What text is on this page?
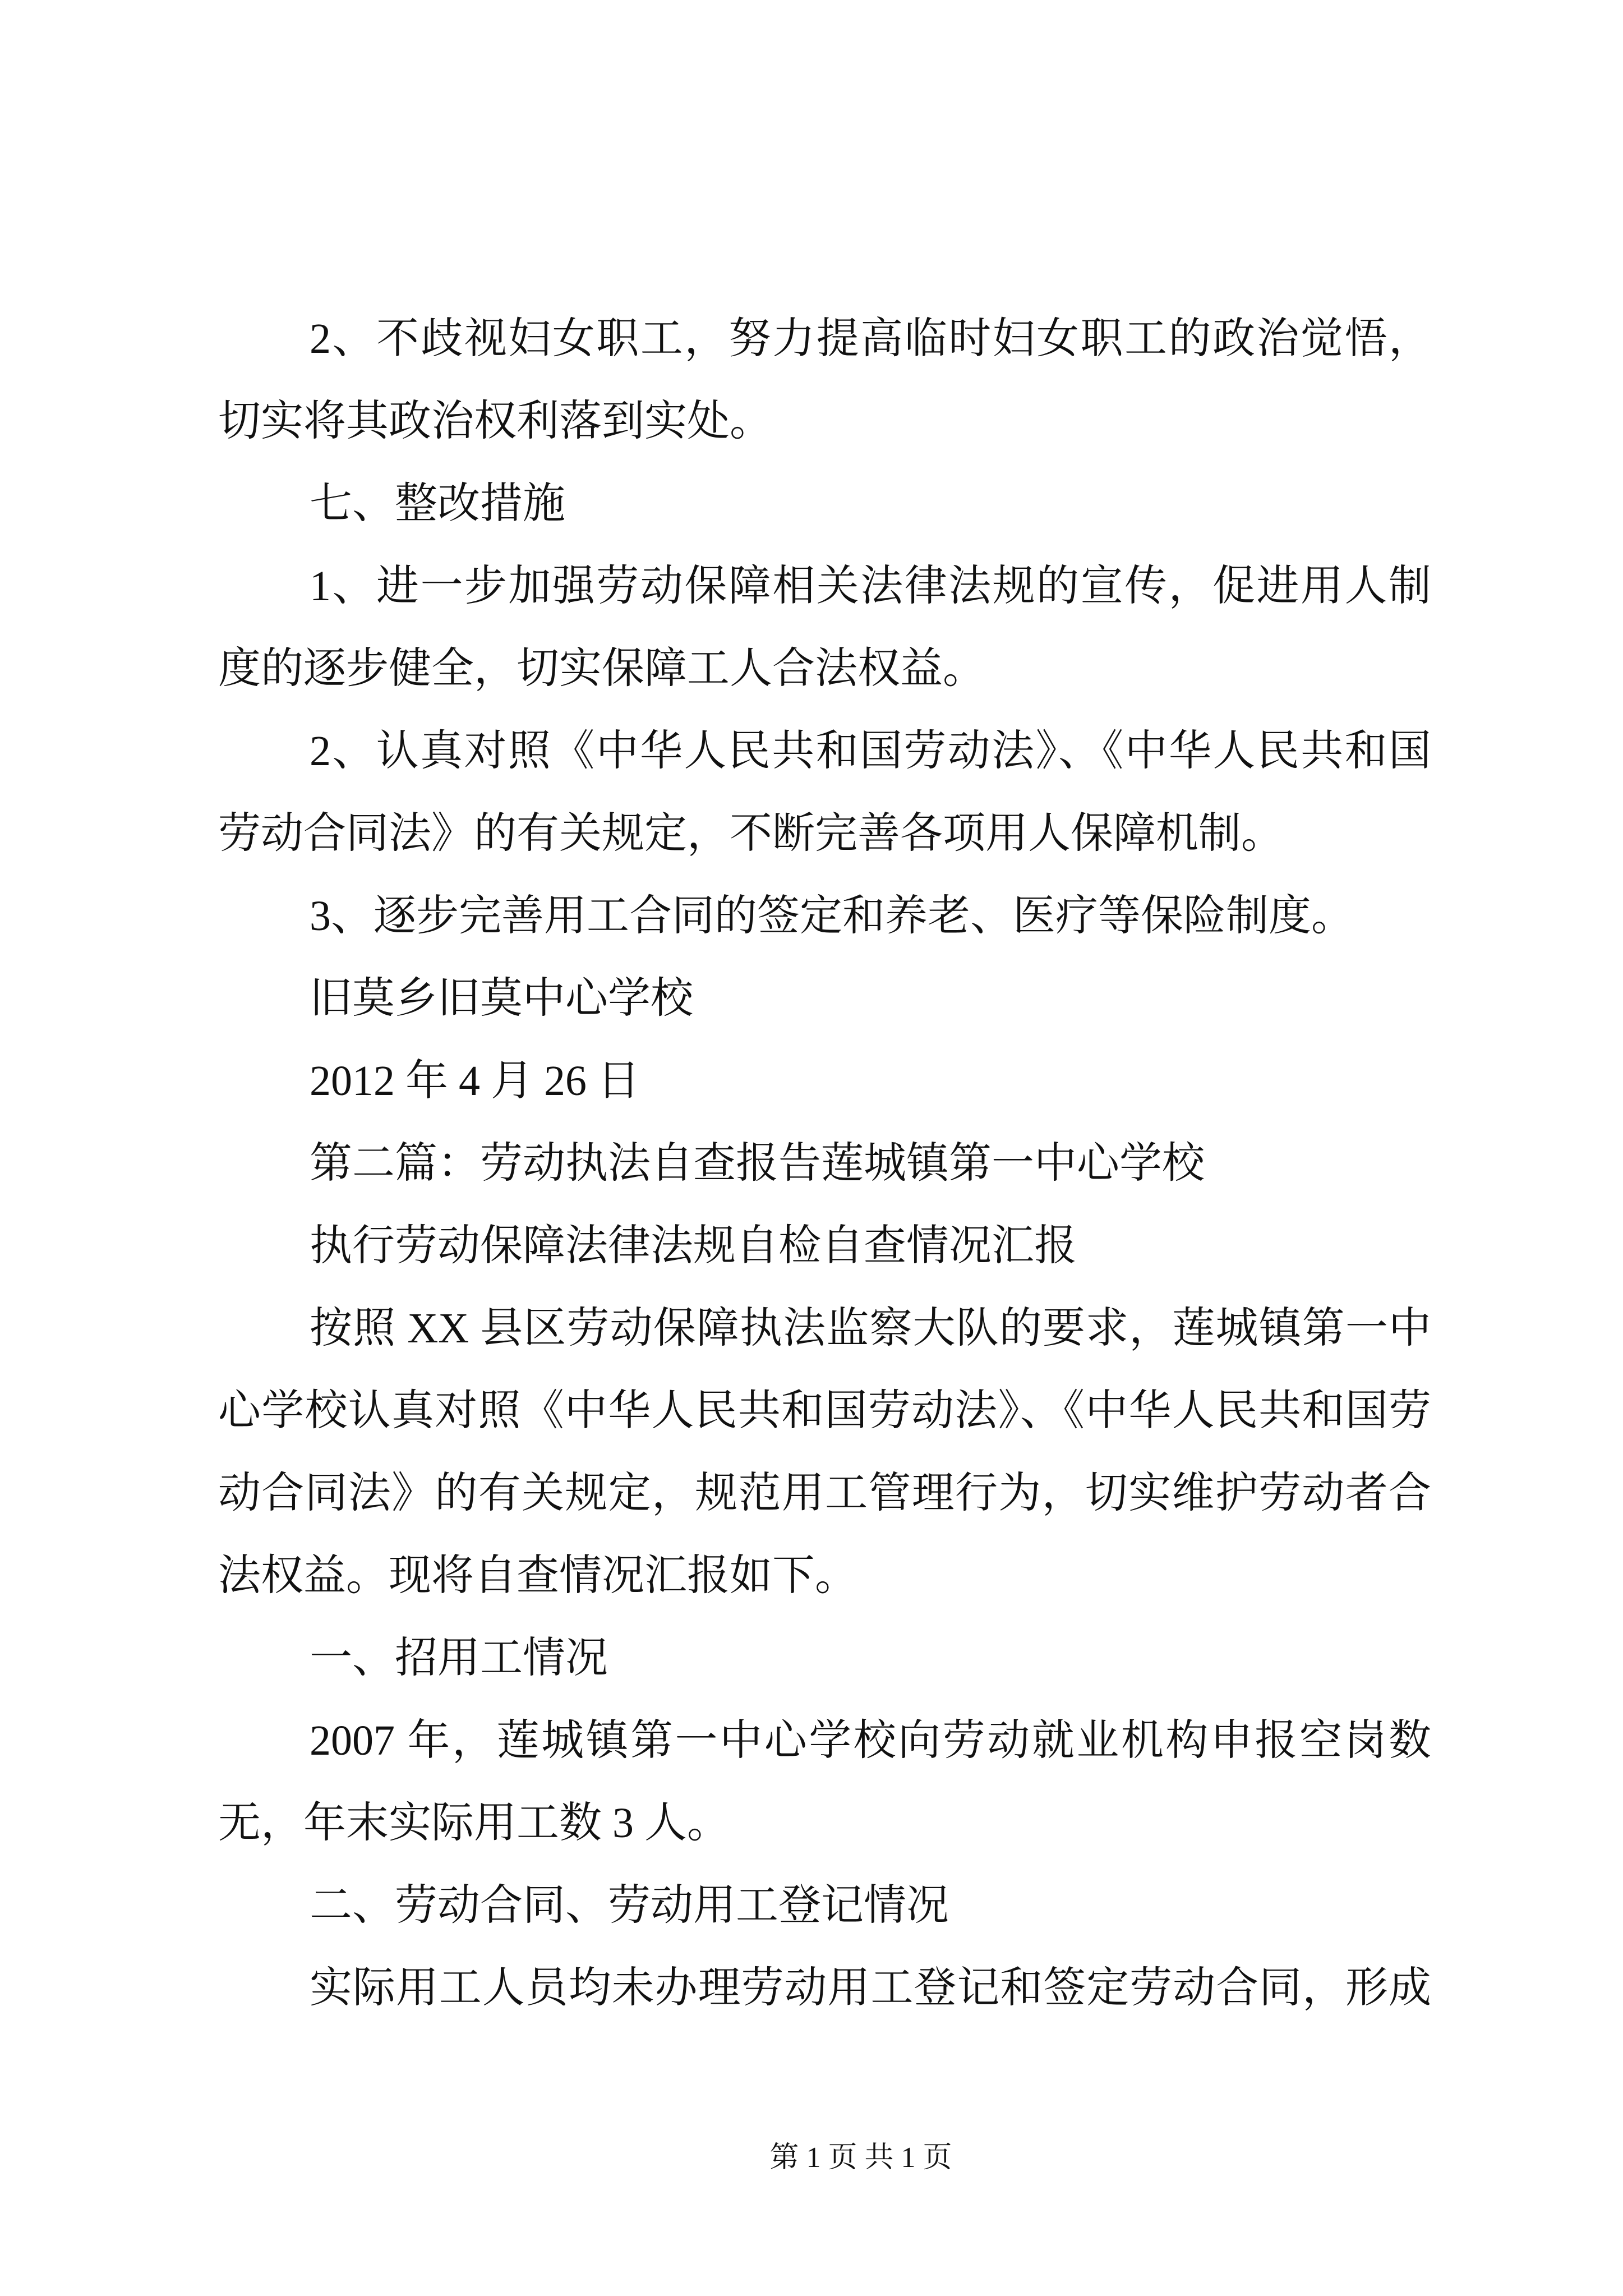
2、不歧视妇女职工，努力提高临时妇女职工的政治觉悟，
切实将其政治权利落到实处。
七、整改措施
1、进一步加强劳动保障相关法律法规的宣传，促进用人制
度的逐步健全，切实保障工人合法权益。
2、认真对照《中华人民共和国劳动法》、《中华人民共和国
劳动合同法》的有关规定，不断完善各项用人保障机制。
3、逐步完善用工合同的签定和养老、医疗等保险制度。
旧莫乡旧莫中心学校
2012 年 4 月 26 日
第二篇：劳动执法自查报告莲城镇第一中心学校
执行劳动保障法律法规自检自查情况汇报
按照 XX 县区劳动保障执法监察大队的要求，莲城镇第一中
心学校认真对照《中华人民共和国劳动法》、《中华人民共和国劳
动合同法》的有关规定，规范用工管理行为，切实维护劳动者合
法权益。现将自查情况汇报如下。
一、招用工情况
2007 年，莲城镇第一中心学校向劳动就业机构申报空岗数
无，年末实际用工数 3 人。
二、劳动合同、劳动用工登记情况
实际用工人员均未办理劳动用工登记和签定劳动合同，形成
第 1 页 共 1 页
